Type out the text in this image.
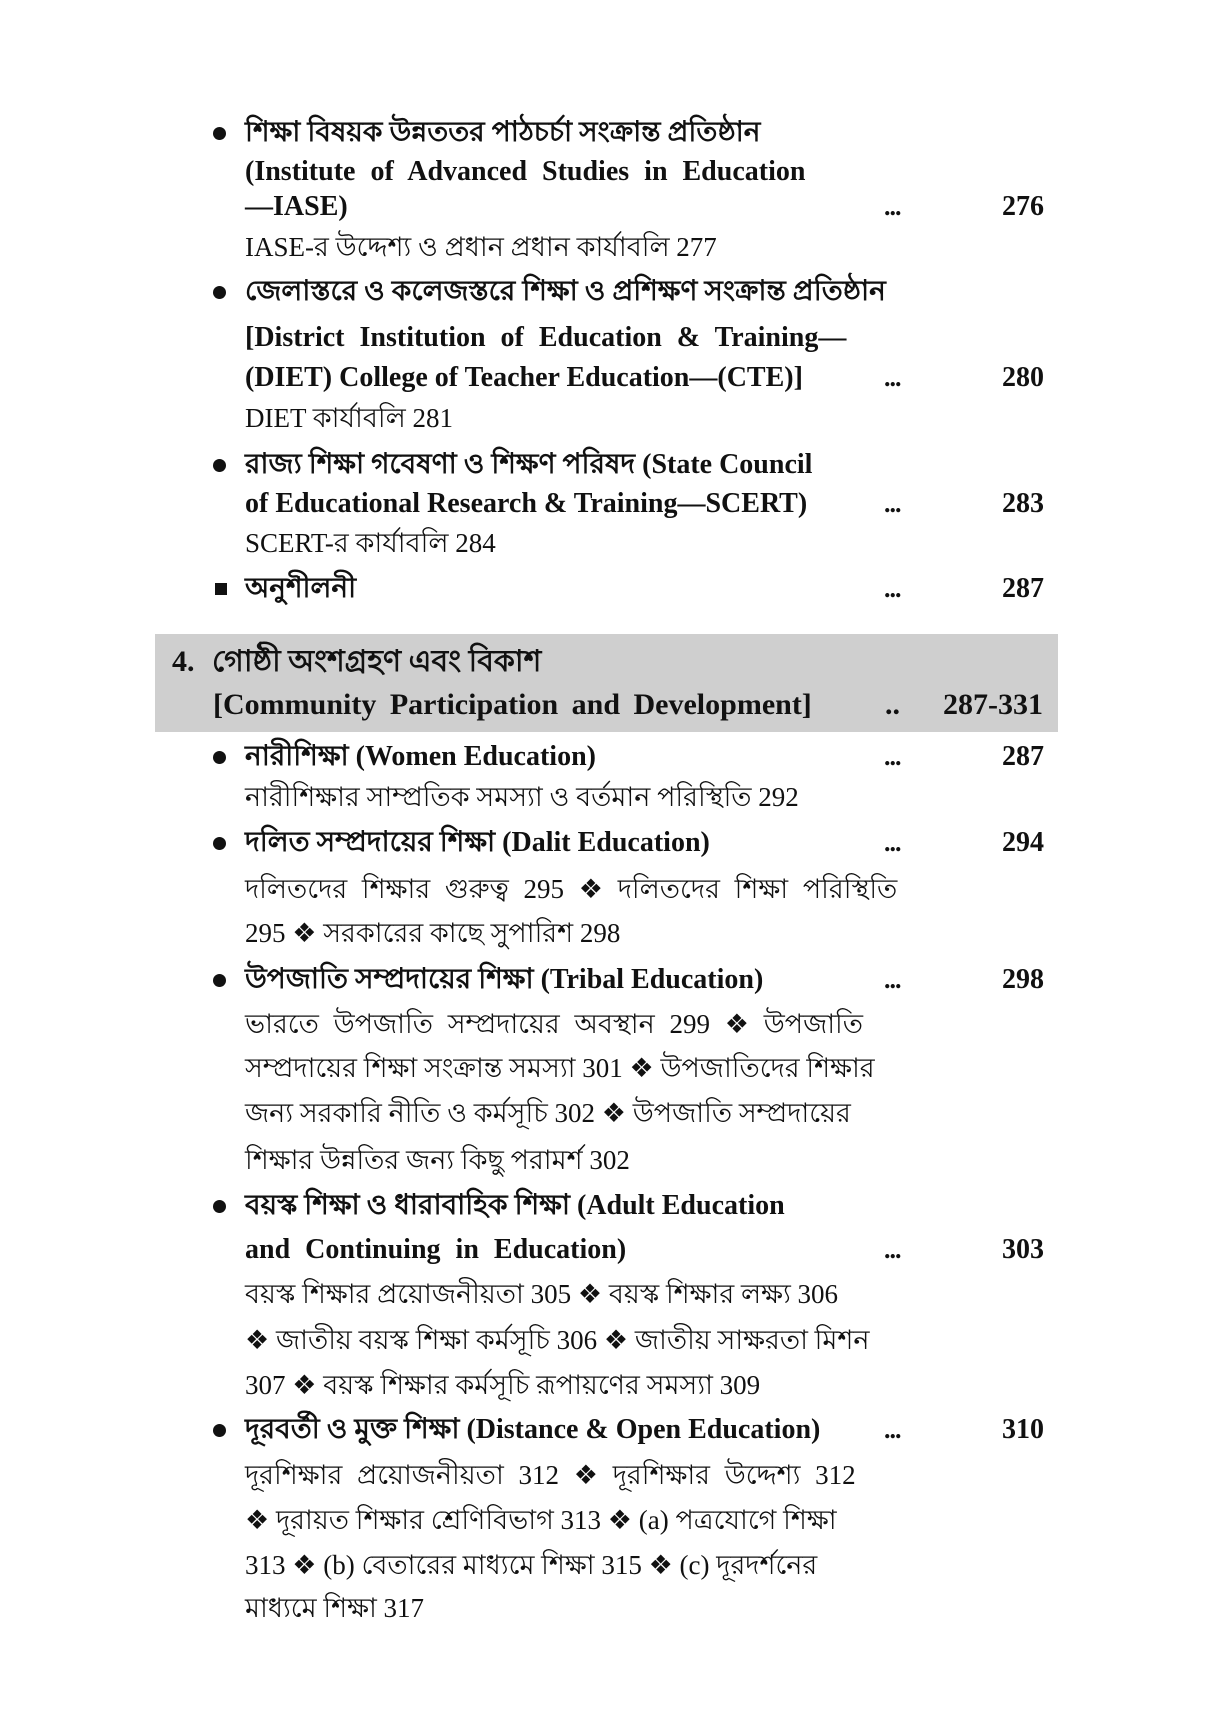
শিক্ষা বিষয়ক উন্নততর পাঠচর্চা সংক্রান্ত প্রতিষ্ঠান
(Institute of Advanced Studies in Education
—IASE)	...	276
IASE-র উদ্দেশ্য ও প্রধান প্রধান কার্যাবলি 277
জেলাস্তরে ও কলেজস্তরে শিক্ষা ও প্রশিক্ষণ সংক্রান্ত প্রতিষ্ঠান
[District Institution of Education & Training—
(DIET) College of Teacher Education—(CTE)]	...	280
DIET কার্যাবলি 281
রাজ্য শিক্ষা গবেষণা ও শিক্ষণ পরিষদ (State Council
of Educational Research & Training—SCERT)	...	283
SCERT-র কার্যাবলি 284
অনুশীলনী	...	287
4. গোষ্ঠী অংশগ্রহণ এবং বিকাশ
[Community Participation and Development] .. 287-331
নারীশিক্ষা (Women Education)	...	287
নারীশিক্ষার সাম্প্রতিক সমস্যা ও বর্তমান পরিস্থিতি 292
দলিত সম্প্রদায়ের শিক্ষা (Dalit Education)	...	294
দলিতদের শিক্ষার গুরুত্ব 295 ❖ দলিতদের শিক্ষা পরিস্থিতি
295 ❖ সরকারের কাছে সুপারিশ 298
উপজাতি সম্প্রদায়ের শিক্ষা (Tribal Education)	...	298
ভারতে উপজাতি সম্প্রদায়ের অবস্থান 299 ❖ উপজাতি
সম্প্রদায়ের শিক্ষা সংক্রান্ত সমস্যা 301 ❖ উপজাতিদের শিক্ষার
জন্য সরকারি নীতি ও কর্মসূচি 302 ❖ উপজাতি সম্প্রদায়ের
শিক্ষার উন্নতির জন্য কিছু পরামর্শ 302
বয়স্ক শিক্ষা ও ধারাবাহিক শিক্ষা (Adult Education
and Continuing in Education)	...	303
বয়স্ক শিক্ষার প্রয়োজনীয়তা 305 ❖ বয়স্ক শিক্ষার লক্ষ্য 306
❖ জাতীয় বয়স্ক শিক্ষা কর্মসূচি 306 ❖ জাতীয় সাক্ষরতা মিশন
307 ❖ বয়স্ক শিক্ষার কর্মসূচি রূপায়ণের সমস্যা 309
দূরবর্তী ও মুক্ত শিক্ষা (Distance & Open Education) ...	310
দূরশিক্ষার প্রয়োজনীয়তা 312 ❖ দূরশিক্ষার উদ্দেশ্য 312
❖ দূরায়ত শিক্ষার শ্রেণিবিভাগ 313 ❖ (a) পত্রযোগে শিক্ষা
313 ❖ (b) বেতারের মাধ্যমে শিক্ষা 315 ❖ (c) দূরদর্শনের
মাধ্যমে শিক্ষা 317
